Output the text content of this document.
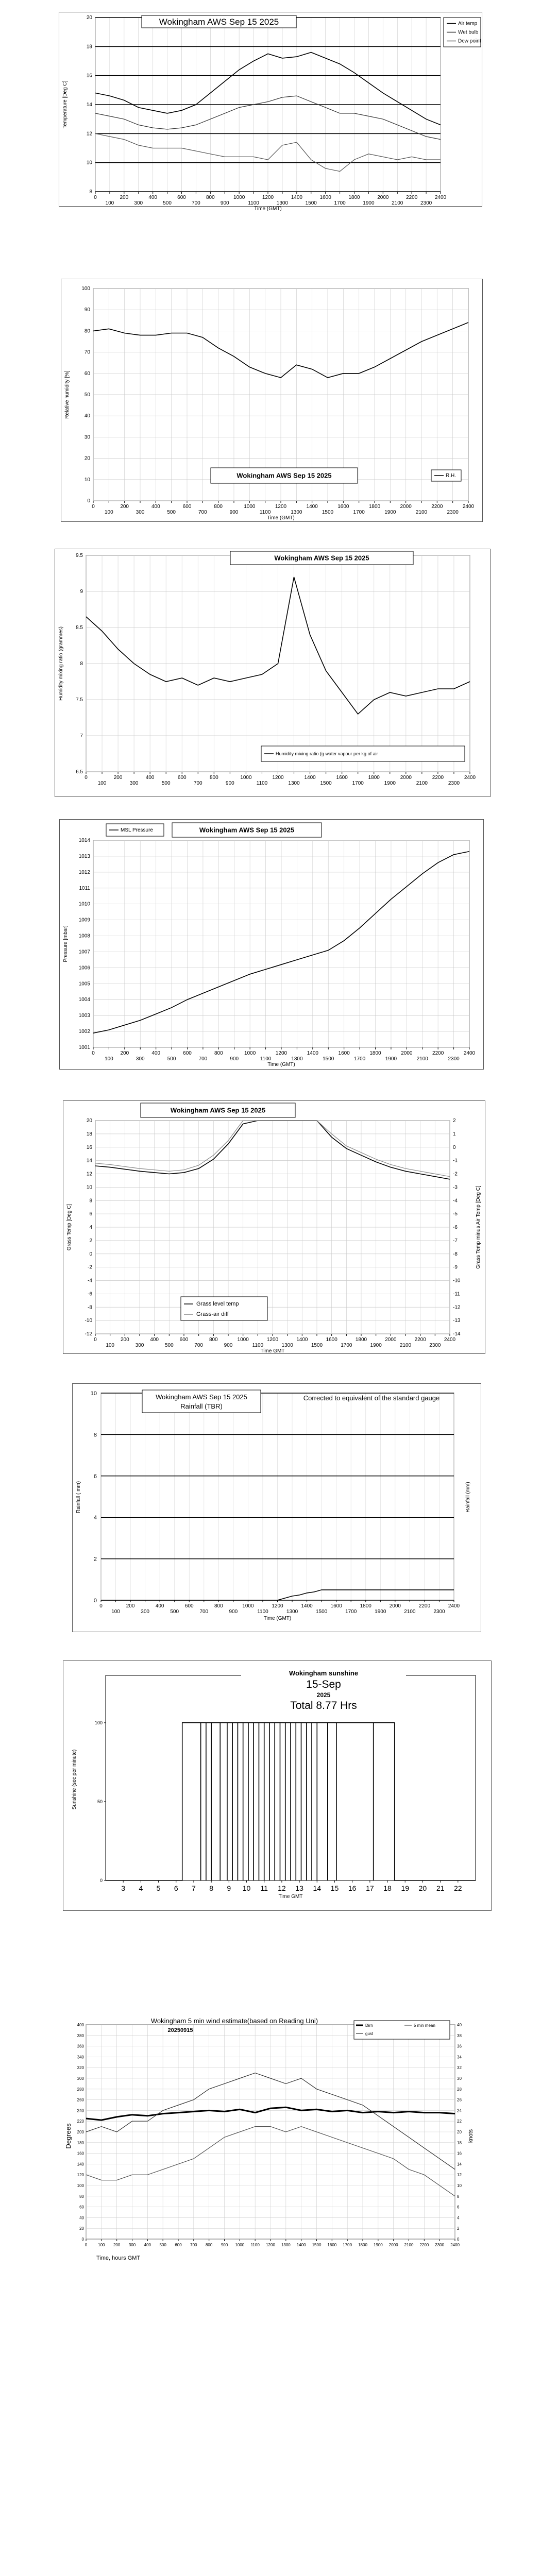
8
10
12
14
16
18
20
0
100
200
300
400
500
600
700
800
900
1000
1100
1200
1300
1400
1500
1600
1700
1800
1900
2000
2100
2200
2300
2400
Temperature [Deg C]
Time (GMT)
Wokingham AWS Sep 15 2025	Air temp
Wet bulb
Dew point
0
10
20
30
40
50
60
70
80
90
100
0
100
200
300
400
500
600
700
800
900
1000
1100
1200
1300
1400
1500
1600
1700
1800
1900
2000
2100
2200
2300
2400
Relative humidity [%]
Time (GMT)
Wokingham AWS Sep 15 2025	R.H.
6.5
7
7.5
8
8.5
9
9.5
0
100
200
300
400
500
600
700
800
900
1000
1100
1200
1300
1400
1500
1600
1700
1800
1900
2000
2100
2200
2300
2400
Humidity mixing ratio (grammes)
Wokingham AWS Sep 15 2025
Humidity mixing ratio (g water vapour per kg of air
1001
1002
1003
1004
1005
1006
1007
1008
1009
1010
1011
1012
1013
1014
0
100
200
300
400
500
600
700
800
900
1000
1100
1200
1300
1400
1500
1600
1700
1800
1900
2000
2100
2200
2300
2400
Pressure [mbar]
Time (GMT)
Wokingham AWS Sep 15 2025
MSL Pressure
-12
-10
-8
-6
-4
-2
0
2
4
6
8
10
12
14
16
18
20
-14
-13
-12
-11
-10
-9
-8
-7
-6
-5
-4
-3
-2
-1
0
1
2
0
100
200
300
400
500
600
700
800
900
1000
1100
1200
1300
1400
1500
1600
1700
1800
1900
2000
2100
2200
2300
2400
Grass Temp [Deg C]	Grass Temp minus Air Temp [Deg C]
Time GMT
Wokingham AWS Sep 15 2025
Grass level temp
Grass-air diff
0
2
4
6
8
10
0
100
200
300
400
500
600
700
800
900
1000
1100
1200
1300
1400
1500
1600
1700
1800
1900
2000
2100
2200
2300
2400
Rainfall ( mm)	Rainfall (mm)
Time (GMT)
Wokingham AWS Sep 15 2025
Rainfall (TBR)
Corrected to equivalent of the standard gauge
0
50
100
3 4 5 6 7 8 9 10 11 12 13 14 15 16 17 18 19 20 21 22
Sunshine (sec per minute)
Time GMT
Wokingham sunshine
15-Sep
2025
Total 8.77 Hrs
0	100 200 300 400 500 600 700 800 900 1000 1100 1200 1300 1400 1500 1600 1700 1800 1900 2000 2100 2200 2300 2400
0	0
20	2
40	4
60	6
80	8
100	10
120	12
140	14
160	16
180	18
200	20
220	22
240	24
260	26
280	28
300	30
320	32
340	34
360	36
380	38
400	40
Degrees	knots
Time, hours GMT
Wokingham 5 min wind estimate(based on Reading Uni)
20250915
Dirn	5 min mean
gust
